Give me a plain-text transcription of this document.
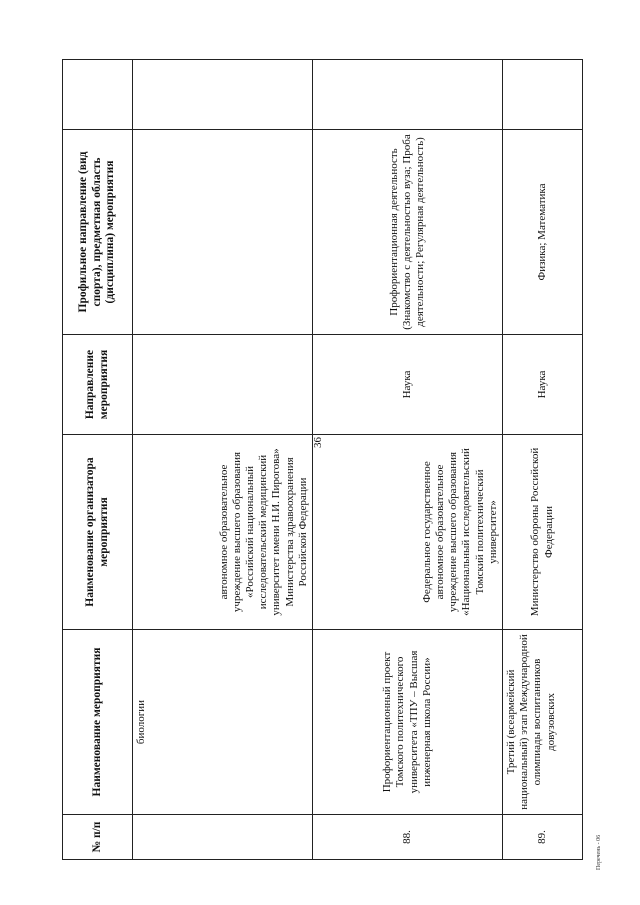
36
№ п/п	Наименование мероприятия	Наименование организатора мероприятия	Направление мероприятия	Профильное направление (вид спорта), предметная область (дисциплина) мероприятия	
	биологии	автономное образовательное учреждение высшего образования «Российский национальный исследовательский медицинский университет имени Н.И. Пирогова» Министерства здравоохранения Российской Федерации			
88.	Профориентационный проект Томского политехнического университета «ТПУ – Высшая инженерная школа России»	Федеральное государственное автономное образовательное учреждение высшего образования «Национальный исследовательский Томский политехнический университет»	Наука	Профориентационная деятельность (Знакомство с деятельностью вуза; Проба деятельности; Регулярная деятельность)	
89.	Третий (всеармейский национальный) этап Международной олимпиады воспитанников довузовских	Министерство обороны Российской Федерации	Наука	Физика; Математика	
Перечень - 06
